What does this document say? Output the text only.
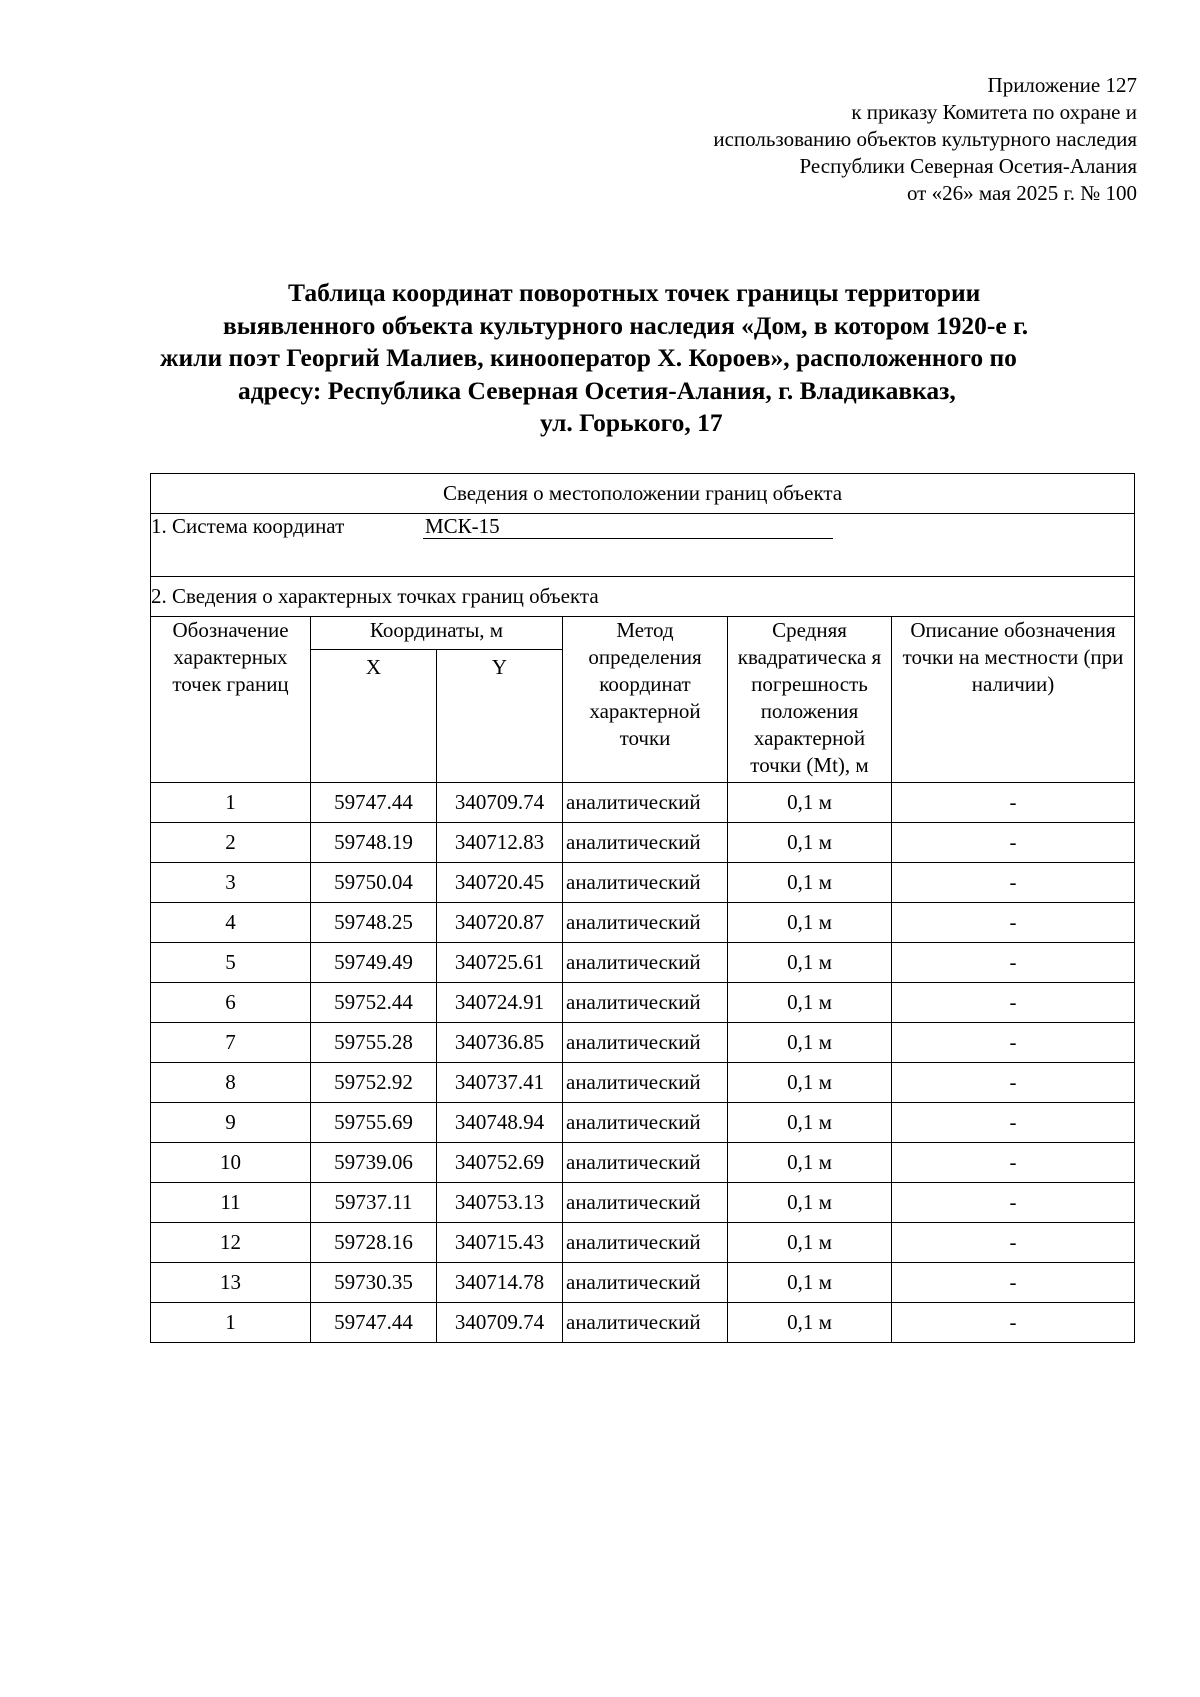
Приложение 127
к приказу Комитета по охране и
использованию объектов культурного наследия
Республики Северная Осетия-Алания
от «26» мая 2025 г. № 100
Таблица координат поворотных точек границы территории
выявленного объекта культурного наследия «Дом, в котором 1920-е г.
жили поэт Георгий Малиев, кинооператор Х. Короев», расположенного по
адресу: Республика Северная Осетия-Алания, г. Владикавказ,
ул. Горького, 17
Сведения о местоположении границ объекта					
1. Система координат МСК-15					
2. Сведения о характерных точках границ объекта					
Обозначение характерных точек границ	Координаты, м		Метод определения координат характерной точки	Средняя квадратическа я погрешность положения характерной точки (Mt), м	Описание обозначения точки на местности (при наличии)
	X	Y			
1	59747.44	340709.74	аналитический	0,1 м	-
2	59748.19	340712.83	аналитический	0,1 м	-
3	59750.04	340720.45	аналитический	0,1 м	-
4	59748.25	340720.87	аналитический	0,1 м	-
5	59749.49	340725.61	аналитический	0,1 м	-
6	59752.44	340724.91	аналитический	0,1 м	-
7	59755.28	340736.85	аналитический	0,1 м	-
8	59752.92	340737.41	аналитический	0,1 м	-
9	59755.69	340748.94	аналитический	0,1 м	-
10	59739.06	340752.69	аналитический	0,1 м	-
11	59737.11	340753.13	аналитический	0,1 м	-
12	59728.16	340715.43	аналитический	0,1 м	-
13	59730.35	340714.78	аналитический	0,1 м	-
1	59747.44	340709.74	аналитический	0,1 м	-
